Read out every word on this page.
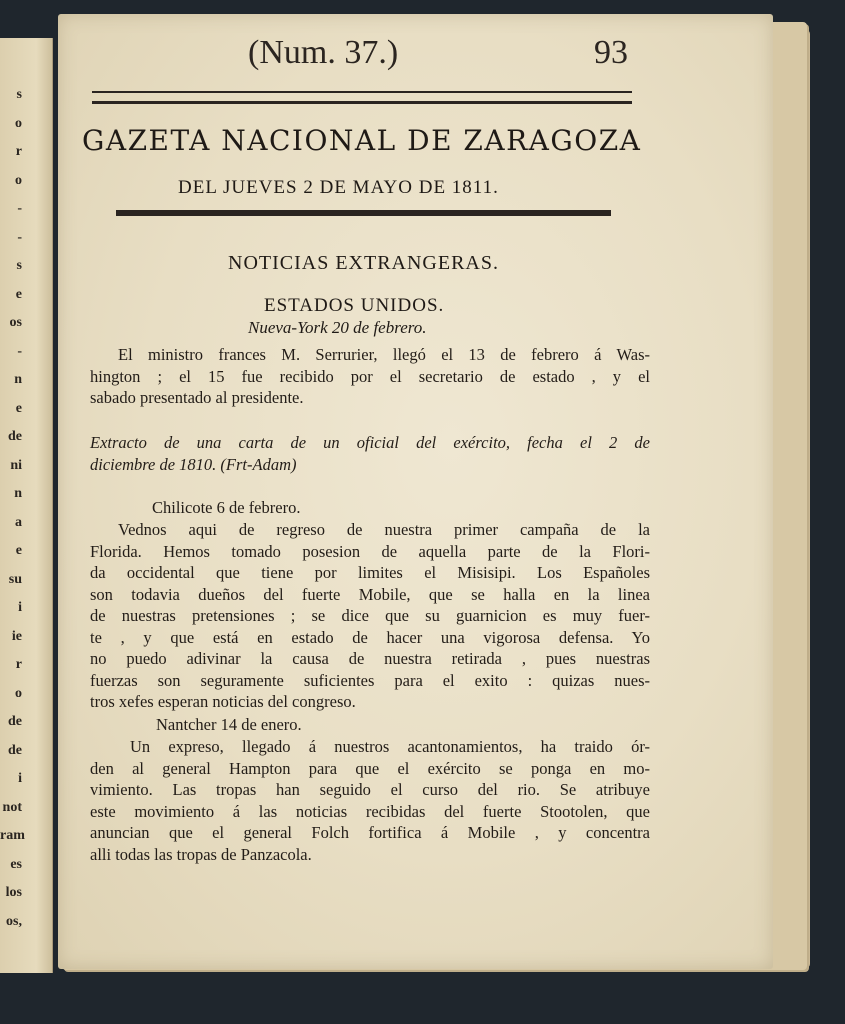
s
o
r
o
-
-
s
e
os
-
n
e
de
ni
n
a
e
su
i
ie
r
o
de
de
i
not
ram
es
los
os,
(Num. 37.)	93
GAZETA NACIONAL DE ZARAGOZA
DEL JUEVES 2 DE MAYO DE 1811.
NOTICIAS EXTRANGERAS.
ESTADOS UNIDOS.
Nueva-York 20 de febrero.
El ministro frances M. Serrurier, llegó el 13 de febrero á Was-
hington ; el 15 fue recibido por el secretario de estado , y el
sabado presentado al presidente.
Extracto de una carta de un oficial del exército, fecha el 2 de
diciembre de 1810. (Frt-Adam)
Chilicote 6 de febrero.
Vednos aqui de regreso de nuestra primer campaña de la
Florida. Hemos tomado posesion de aquella parte de la Flori-
da occidental que tiene por limites el Misisipi. Los Españoles
son todavia dueños del fuerte Mobile, que se halla en la linea
de nuestras pretensiones ; se dice que su guarnicion es muy fuer-
te , y que está en estado de hacer una vigorosa defensa. Yo
no puedo adivinar la causa de nuestra retirada , pues nuestras
fuerzas son seguramente suficientes para el exito : quizas nues-
tros xefes esperan noticias del congreso.
Nantcher 14 de enero.
Un expreso, llegado á nuestros acantonamientos, ha traido ór-
den al general Hampton para que el exército se ponga en mo-
vimiento. Las tropas han seguido el curso del rio. Se atribuye
este movimiento á las noticias recibidas del fuerte Stootolen, que
anuncian que el general Folch fortifica á Mobile , y concentra
alli todas las tropas de Panzacola.
